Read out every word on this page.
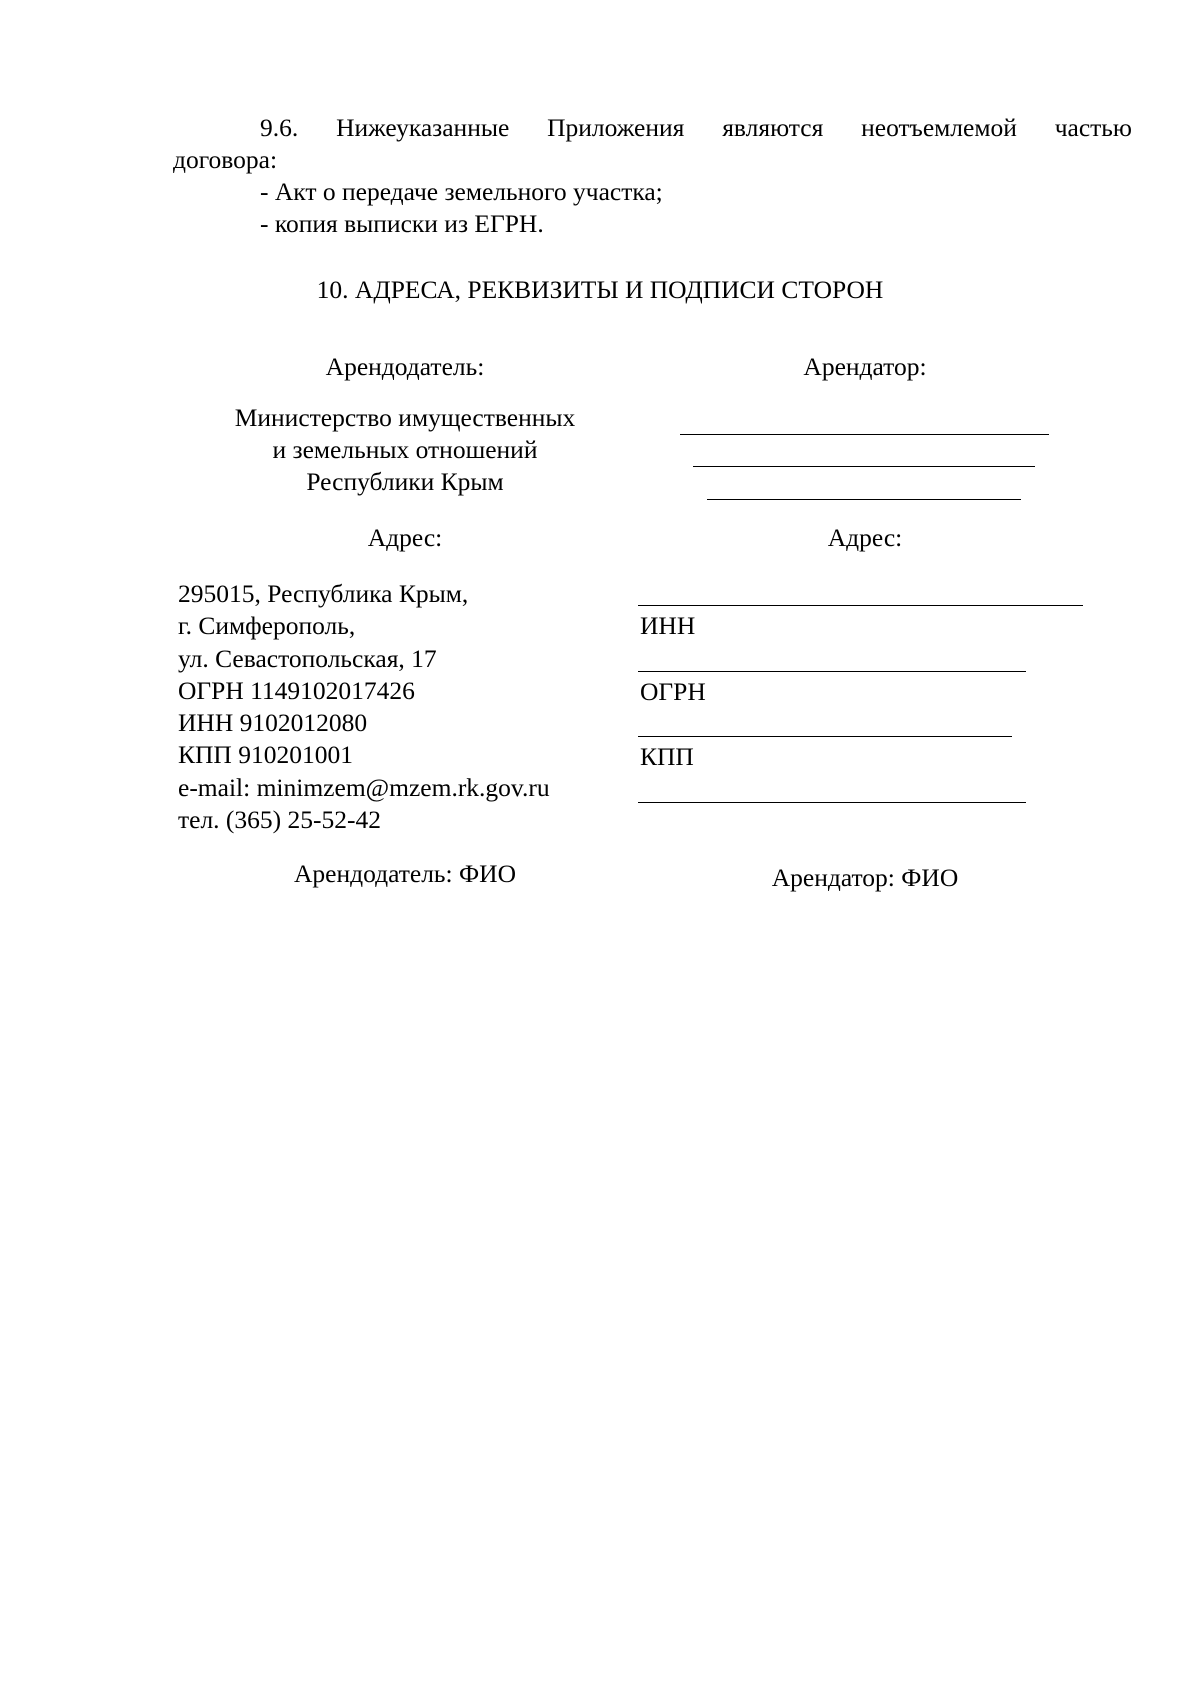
9.6. Нижеуказанные Приложения являются неотъемлемой частью
договора:
- Акт о передаче земельного участка;
- копия выписки из ЕГРН.
10. АДРЕСА, РЕКВИЗИТЫ И ПОДПИСИ СТОРОН
Арендодатель:
Министерство имущественных
и земельных отношений
Республики Крым
Адрес:
295015, Республика Крым,
г. Симферополь,
ул. Севастопольская, 17
ОГРН 1149102017426
ИНН 9102012080
КПП 910201001
e-mail: minimzem@mzem.rk.gov.ru
тел. (365) 25-52-42
Арендодатель: ФИО
Арендатор:
Адрес:
ИНН
ОГРН
КПП
Арендатор: ФИО
